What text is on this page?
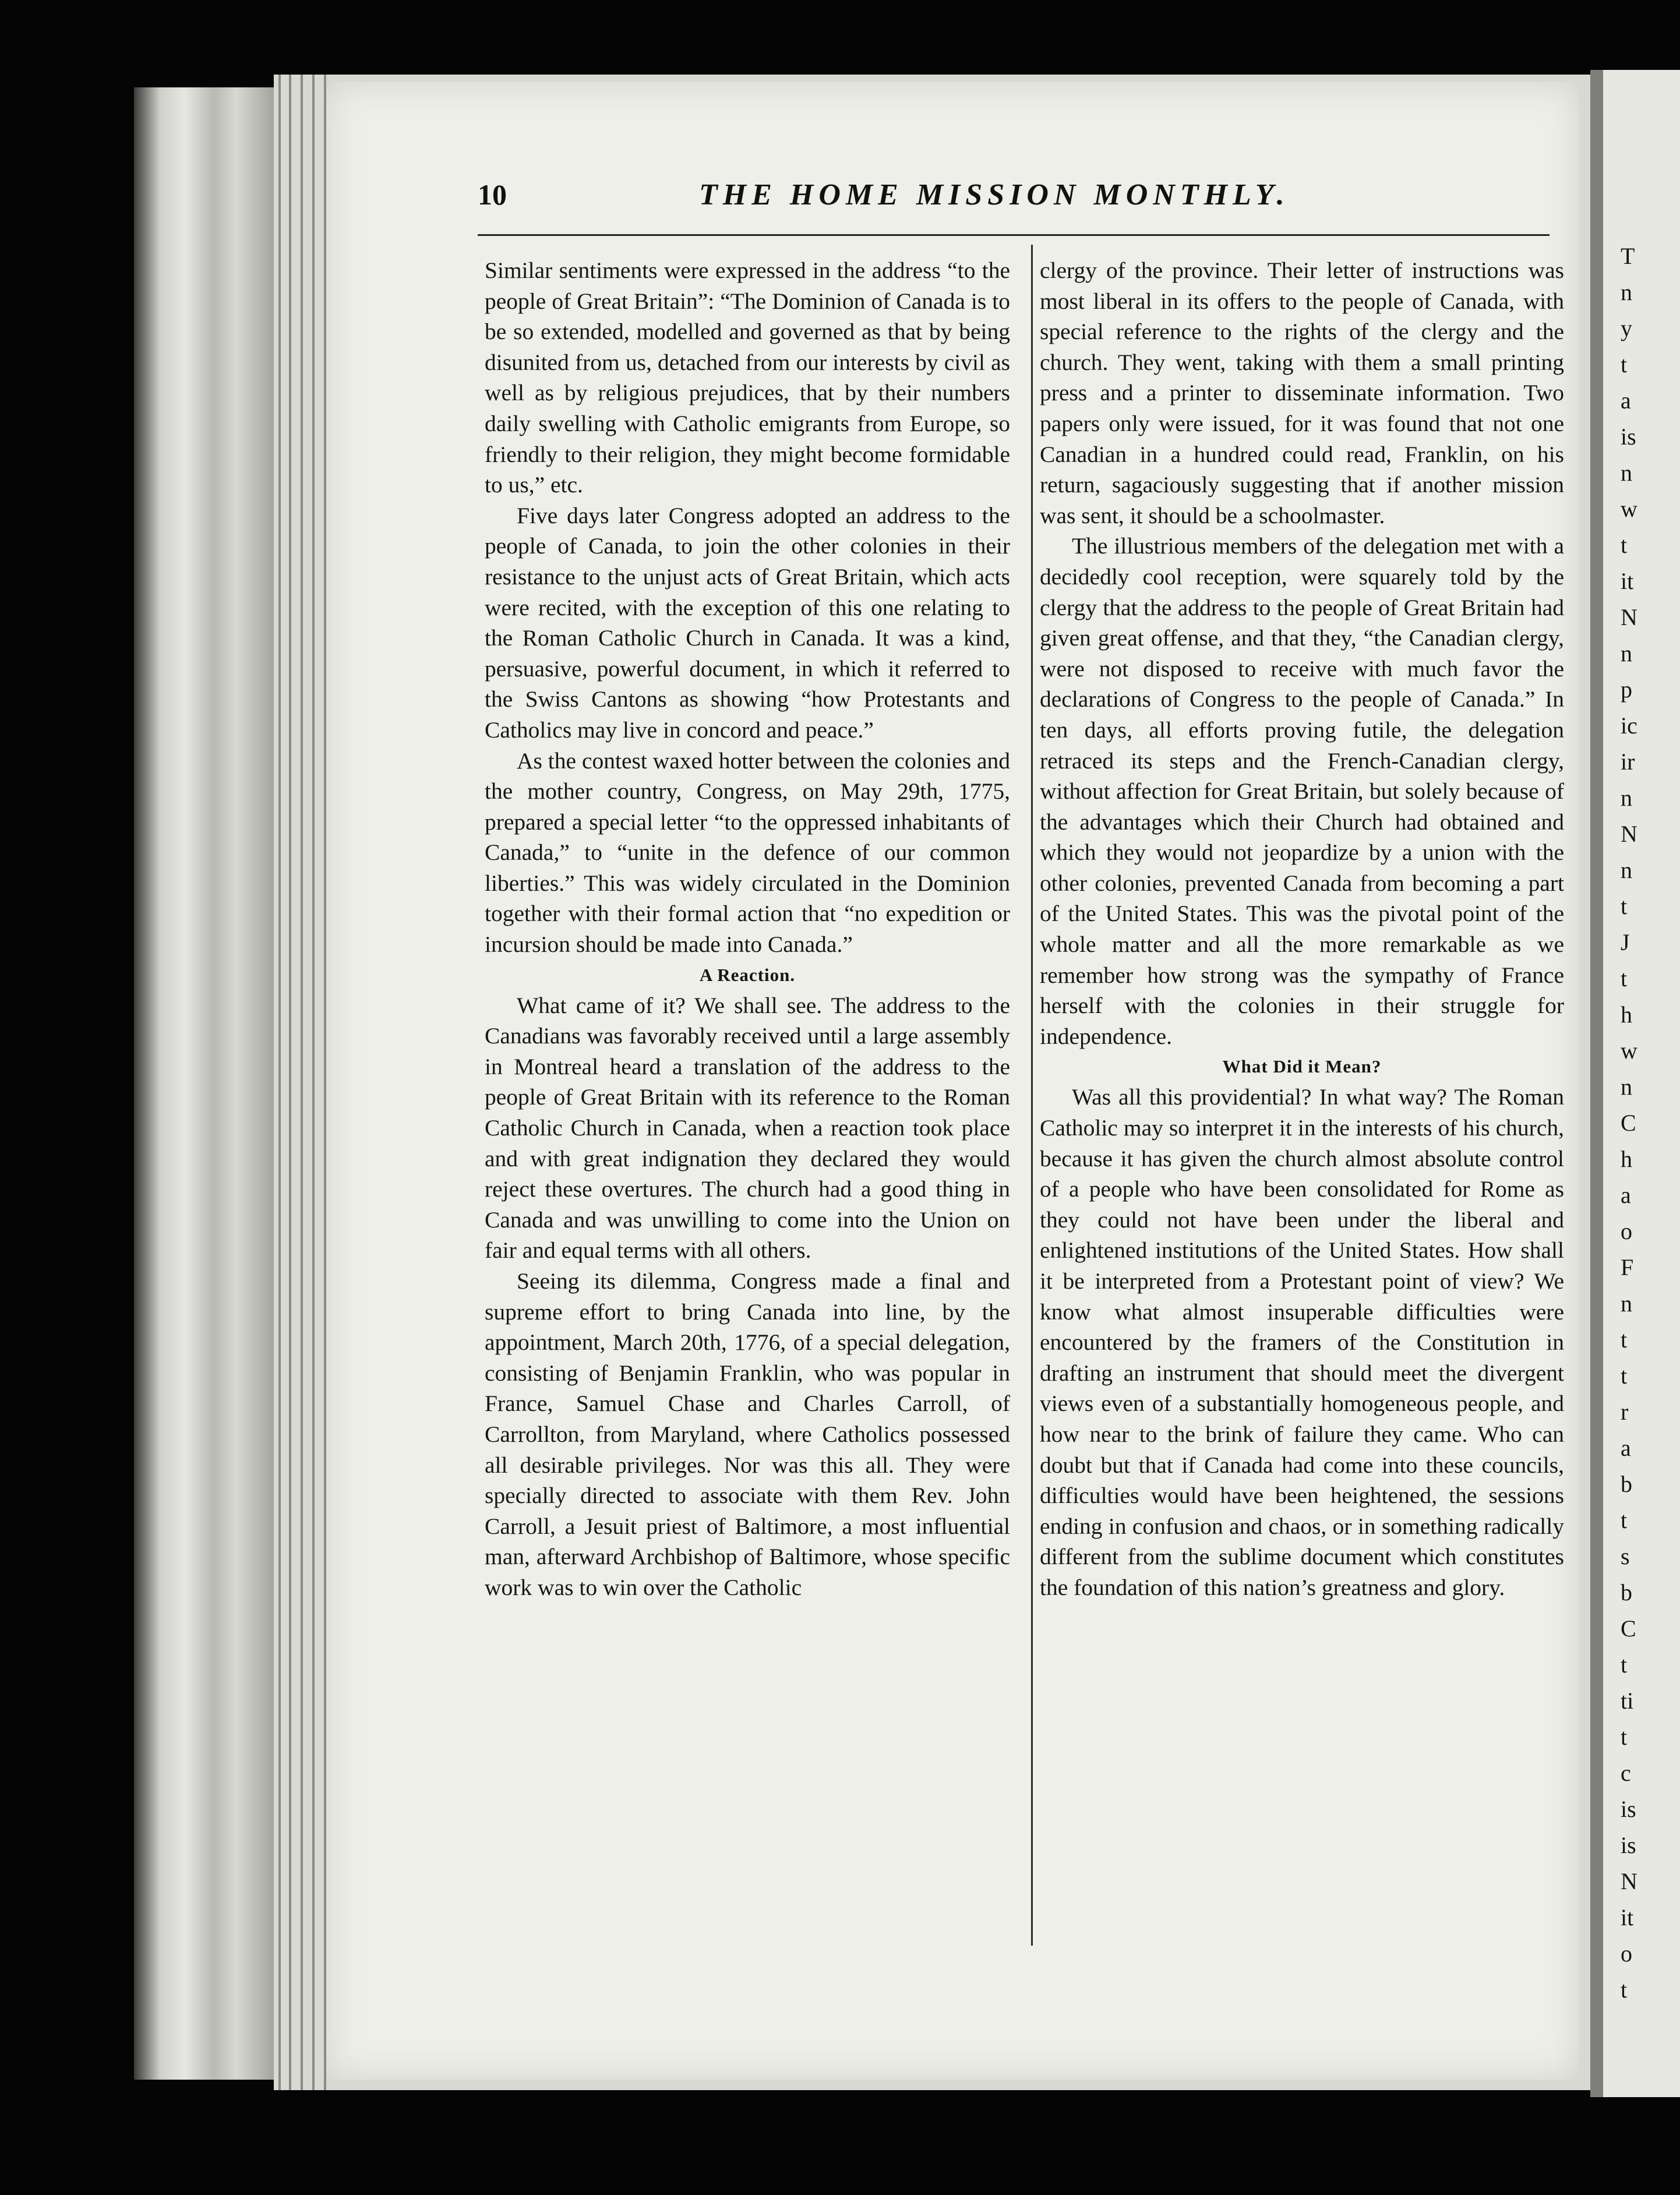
T
n
y
t
a
is
n
w
t
it
N
n
p
ic
ir
n
N
n
t
J
t
h
w
n
C
h
a
o
F
n
t
t
r
a
b
t
s
b
C
t
ti
t
c
is
is
N
it
o
t
10	THE HOME MISSION MONTHLY.

Similar sentiments were expressed in the address “to the people of Great Britain”: “The Dominion of Canada is to be so extended, modelled and governed as that by being disunited from us, detached from our interests by civil as well as by religious prejudices, that by their numbers daily swelling with Catholic emigrants from Europe, so friendly to their religion, they might become formidable to us,” etc.

Five days later Congress adopted an address to the people of Canada, to join the other colonies in their resistance to the unjust acts of Great Britain, which acts were recited, with the exception of this one relating to the Roman Catholic Church in Canada. It was a kind, persuasive, powerful document, in which it referred to the Swiss Cantons as showing “how Protestants and Catholics may live in concord and peace.”

As the contest waxed hotter between the colonies and the mother country, Congress, on May 29th, 1775, prepared a special letter “to the oppressed inhabitants of Canada,” to “unite in the defence of our common liberties.” This was widely circulated in the Dominion together with their formal action that “no expedition or incursion should be made into Canada.”

A Reaction.

What came of it? We shall see. The address to the Canadians was favorably received until a large assembly in Montreal heard a translation of the address to the people of Great Britain with its reference to the Roman Catholic Church in Canada, when a reaction took place and with great indignation they declared they would reject these overtures. The church had a good thing in Canada and was unwilling to come into the Union on fair and equal terms with all others.

Seeing its dilemma, Congress made a final and supreme effort to bring Canada into line, by the appointment, March 20th, 1776, of a special delegation, consisting of Benjamin Franklin, who was popular in France, Samuel Chase and Charles Carroll, of Carrollton, from Maryland, where Catholics possessed all desirable privileges. Nor was this all. They were specially directed to associate with them Rev. John Carroll, a Jesuit priest of Baltimore, a most influential man, afterward Archbishop of Baltimore, whose specific work was to win over the Catholic

clergy of the province. Their letter of instructions was most liberal in its offers to the people of Canada, with special reference to the rights of the clergy and the church. They went, taking with them a small printing press and a printer to disseminate information. Two papers only were issued, for it was found that not one Canadian in a hundred could read, Franklin, on his return, sagaciously suggesting that if another mission was sent, it should be a schoolmaster.

The illustrious members of the delegation met with a decidedly cool reception, were squarely told by the clergy that the address to the people of Great Britain had given great offense, and that they, “the Canadian clergy, were not disposed to receive with much favor the declarations of Congress to the people of Canada.” In ten days, all efforts proving futile, the delegation retraced its steps and the French-Canadian clergy, without affection for Great Britain, but solely because of the advantages which their Church had obtained and which they would not jeopardize by a union with the other colonies, prevented Canada from becoming a part of the United States. This was the pivotal point of the whole matter and all the more remarkable as we remember how strong was the sympathy of France herself with the colonies in their struggle for independence.

What Did it Mean?

Was all this providential? In what way? The Roman Catholic may so interpret it in the interests of his church, because it has given the church almost absolute control of a people who have been consolidated for Rome as they could not have been under the liberal and enlightened institutions of the United States. How shall it be interpreted from a Protestant point of view? We know what almost insuperable difficulties were encountered by the framers of the Constitution in drafting an instrument that should meet the divergent views even of a substantially homogeneous people, and how near to the brink of failure they came. Who can doubt but that if Canada had come into these councils, difficulties would have been heightened, the sessions ending in confusion and chaos, or in something radically different from the sublime document which constitutes the foundation of this nation’s greatness and glory.
